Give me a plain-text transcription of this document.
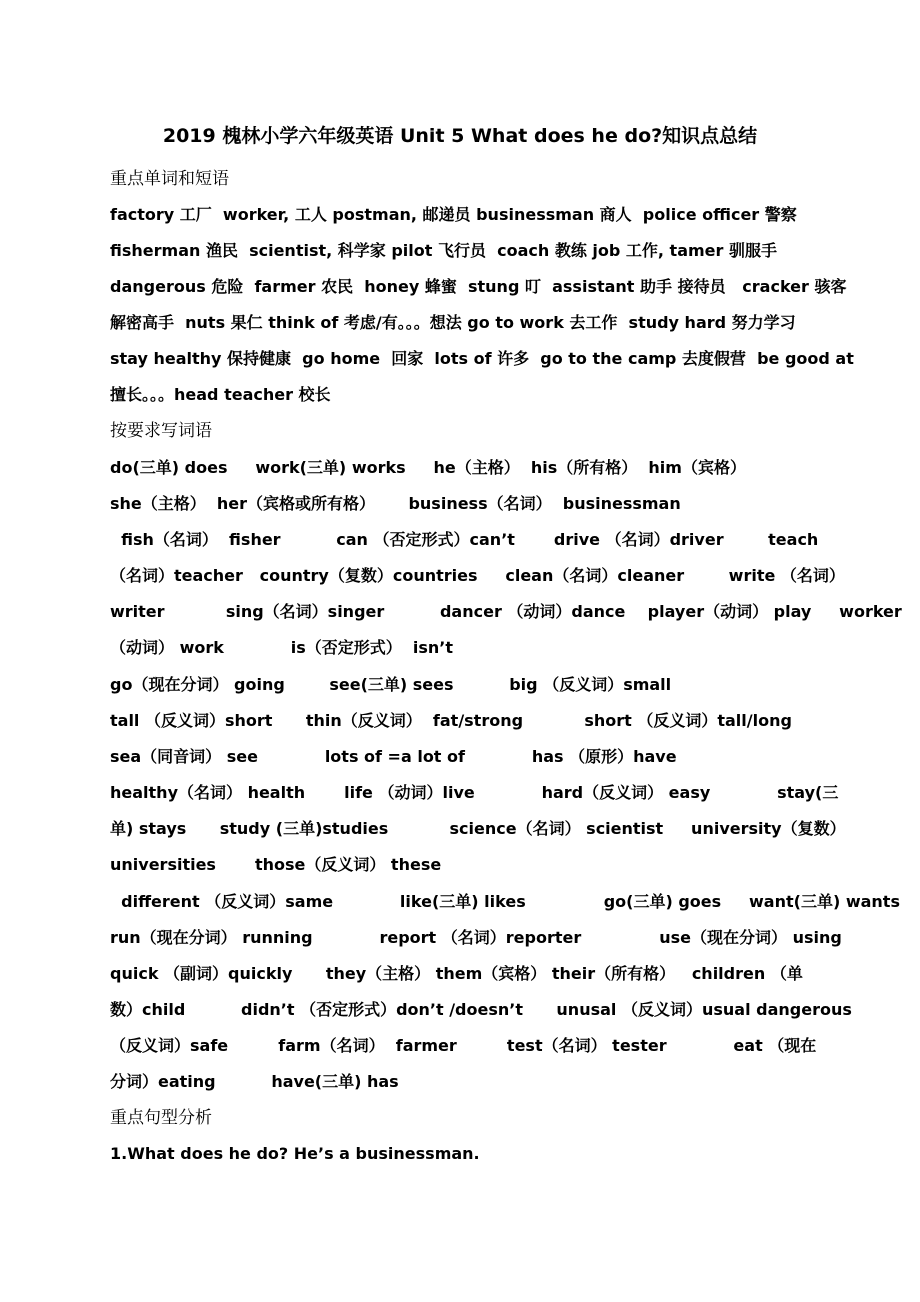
2019 槐林小学六年级英语 Unit 5 What does he do?知识点总结
重点单词和短语
factory 工厂  worker, 工人 postman, 邮递员 businessman 商人  police officer 警察
fisherman 渔民  scientist, 科学家 pilot 飞行员  coach 教练 job 工作, tamer 驯服手
dangerous 危险  farmer 农民  honey 蜂蜜  stung 叮  assistant 助手 接待员   cracker 骇客
解密高手  nuts 果仁 think of 考虑/有。。。想法 go to work 去工作  study hard 努力学习
stay healthy 保持健康  go home  回家  lots of 许多  go to the camp 去度假营  be good at
擅长。。。head teacher 校长
按要求写词语
do(三单) does     work(三单) works     he（主格）  his（所有格）  him（宾格）
she（主格）  her（宾格或所有格）      business（名词）  businessman
fish（名词）  fisher          can （否定形式）can’t       drive （名词）driver        teach
（名词）teacher   country（复数）countries     clean（名词）cleaner        write （名词）
writer           sing（名词）singer          dancer （动词）dance    player（动词） play     worker
（动词） work            is（否定形式）  isn’t
go（现在分词） going        see(三单) sees          big （反义词）small
tall （反义词）short      thin（反义词）  fat/strong           short （反义词）tall/long
sea（同音词） see            lots of =a lot of            has （原形）have
healthy（名词） health       life （动词）live            hard（反义词） easy            stay(三
单) stays      study (三单)studies           science（名词） scientist     university（复数）
universities       those（反义词） these
different （反义词）same            like(三单) likes              go(三单) goes     want(三单) wants
run（现在分词） running            report （名词）reporter              use（现在分词） using
quick （副词）quickly      they（主格） them（宾格） their（所有格）   children （单
数）child          didn’t （否定形式）don’t /doesn’t      unusal （反义词）usual dangerous
（反义词）safe         farm（名词）  farmer         test（名词） tester            eat （现在
分词）eating          have(三单) has
重点句型分析
1.What does he do? He’s a businessman.
